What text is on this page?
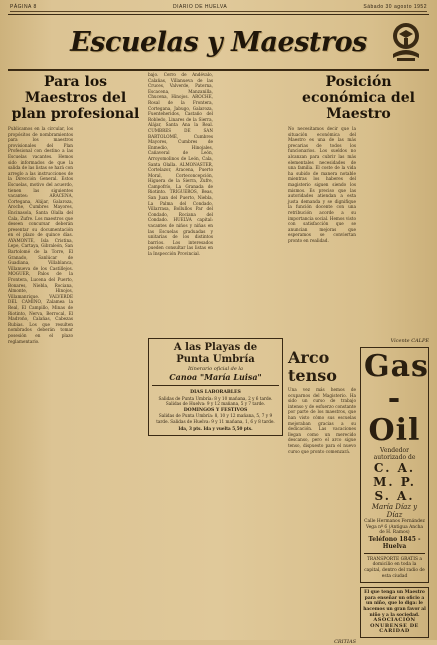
PÁGINA 8	DIARIO DE HUELVA	Sábado 30 agosto 1952
Escuelas y Maestros
Para los Maestros del plan profesional
Publicamos en la circular, los propósitos de nombramientos para los maestros provisionales del Plan Profesional con destino a las Escuelas vacantes. Hemos sido informados de que la salida de las listas se hará con arreglo a las instrucciones de la Dirección General. Estos Escuelas, motivo del acuerdo, tienen las siguientes vacantes: ARACENA, Cortegana, Alájar, Galaroza, Aroche, Cumbres Mayores, Encinasola, Santa Olalla del Cala, Zufre. Los maestros que deseen concursar deberán presentar su documentación en el plazo de quince días. AYAMONTE, Isla Cristina, Lepe, Cartaya, Gibraleón, San Bartolomé de la Torre, El Granado, Sanlúcar de Guadiana, Villablanca, Villanueva de los Castillejos. MOGUER, Palos de la Frontera, Lucena del Puerto, Bonares, Niebla, Rociana, Almonte, Hinojos, Villamanrique. VALVERDE DEL CAMINO, Zalamea la Real, El Campillo, Minas de Riotinto, Nerva, Berrocal, El Madroño, Calañas, Cabezas Rubias. Los que resulten nombrados deberán tomar posesión en el plazo reglamentario.
bajo. Cerro de Andévalo, Calañas, Villanueva de las Cruces, Valverde, Paterna, Escacena, Manzanilla, Chucena, Hinojos. AROCHE, Rosal de la Frontera, Cortegana, Jabugo, Galaroza, Fuenteheridos, Castaño del Robledo, Linares de la Sierra, Alájar, Santa Ana la Real. CUMBRES DE SAN BARTOLOMÉ, Cumbres Mayores, Cumbres de Enmedio, Hinojales, Cañaveral de León, Arroyomolinos de León, Cala, Santa Olalla. ALMONASTER, Cortelazor, Aracena, Puerto Moral, Corteconcepción, Higuera de la Sierra, Zufre, Campofrío, La Granada de Riotinto. TRIGUEROS, Beas, San Juan del Puerto, Niebla, La Palma del Condado, Villarrasa, Bollullos Par del Condado, Rociana del Condado. HUELVA capital: vacantes de niños y niñas en las Escuelas graduadas y unitarias de los distintos barrios. Los interesados pueden consultar las listas en la Inspección Provincial.
A las Playas de
Punta Umbría
Itinerario oficial de la
Canoa "María Luisa"
DIAS LABORABLES
Salidas de Punta Umbría: 8 y 10 mañana, 2 y 6 tarde. Salidas de Huelva: 9 y 12 mañana, 5 y 7 tarde.
DOMINGOS Y FESTIVOS
Salidas de Punta Umbría: 8, 10 y 12 mañana, 5, 7 y 9 tarde. Salidas de Huelva: 9 y 11 mañana, 1, 6 y 8 tarde.
Ida, 3 pts. Ida y vuelta 5,50 pts.
Posición económica del Maestro
No necesitamos decir que la situación económica del Maestro es una de las más precarias de todos los funcionarios. Los sueldos no alcanzan para cubrir las más elementales necesidades de una familia. El coste de la vida ha subido de manera notable mientras los haberes del magisterio siguen siendo los mismos. Es preciso que las autoridades atiendan a esta justa demanda y se dignifique la función docente con una retribución acorde a su importancia social. Hemos visto con satisfacción que se anuncian mejoras que esperamos se conviertan pronto en realidad.
Vicente CALPE
Arco tenso
Una vez más hemos de ocuparnos del Magisterio. Ha sido un curso de trabajo intenso y de esfuerzo constante por parte de los maestros, que han visto cómo sus escuelas mejoraban gracias a su dedicación. Las vacaciones llegan como un merecido descanso, pero el arco sigue tenso, dispuesto para el nuevo curso que pronto comenzará.
CRITIAS
Gas - Oil
Vendedor autorizado de
C. A. M. P. S. A.
María Díaz y Díaz
Calle Hermanos Fernández Vega nº 6 (Antigua Ancha de H. Ramos)
Teléfono 1845 - Huelva
TRANSPORTE GRATIS a domicilio en toda la capital, dentro del radio de esta ciudad
El que tenga un Maestro para enseñar un oficio a un niño, que lo diga: le hacemos un gran favor al niño y a la sociedad.
ASOCIACIÓN ONUBENSE DE CARIDAD
